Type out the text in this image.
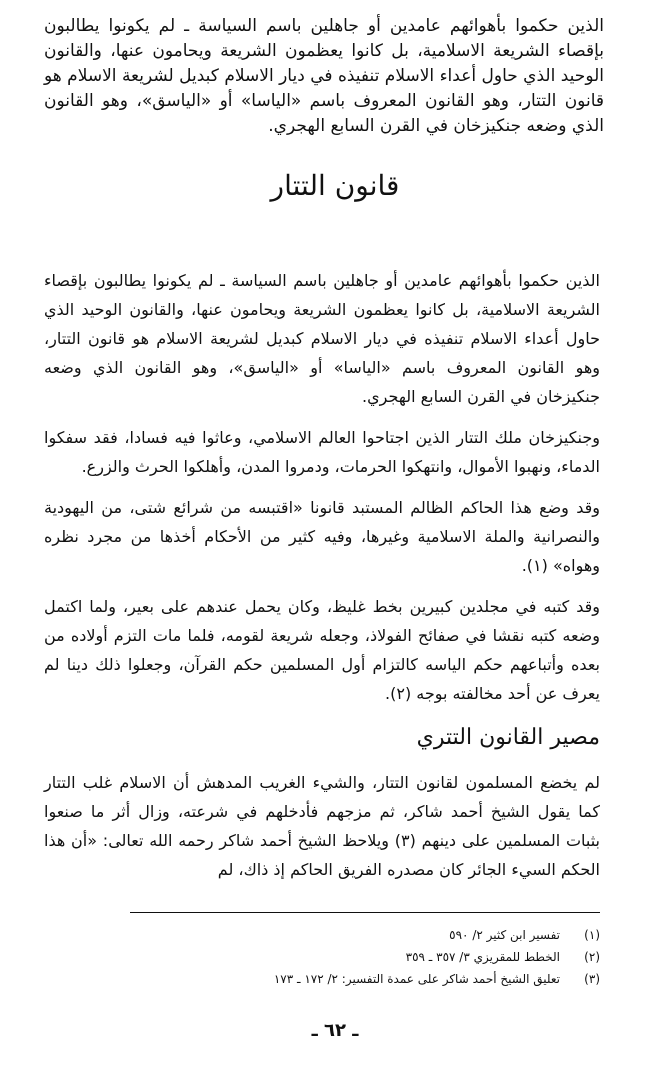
الذين حكموا بأهوائهم عامدين أو جاهلين باسم السياسة ـ لم يكونوا يطالبون بإقصاء الشريعة الاسلامية، بل كانوا يعظمون الشريعة ويحامون عنها، والقانون الوحيد الذي حاول أعداء الاسلام تنفيذه في ديار الاسلام كبديل لشريعة الاسلام هو قانون التتار، وهو القانون المعروف باسم «الياسا» أو «الياسق»، وهو القانون الذي وضعه جنكيزخان في القرن السابع الهجري.
قانون التتار

الذين حكموا بأهوائهم عامدين أو جاهلين باسم السياسة ـ لم يكونوا يطالبون بإقصاء الشريعة الاسلامية، بل كانوا يعظمون الشريعة ويحامون عنها، والقانون الوحيد الذي حاول أعداء الاسلام تنفيذه في ديار الاسلام كبديل لشريعة الاسلام هو قانون التتار، وهو القانون المعروف باسم «الياسا» أو «الياسق»، وهو القانون الذي وضعه جنكيزخان في القرن السابع الهجري.

وجنكيزخان ملك التتار الذين اجتاحوا العالم الاسلامي، وعاثوا فيه فسادا، فقد سفكوا الدماء، ونهبوا الأموال، وانتهكوا الحرمات، ودمروا المدن، وأهلكوا الحرث والزرع.

وقد وضع هذا الحاكم الظالم المستبد قانونا «اقتبسه من شرائع شتى، من اليهودية والنصرانية والملة الاسلامية وغيرها، وفيه كثير من الأحكام أخذها من مجرد نظره وهواه» (١).

وقد كتبه في مجلدين كبيرين بخط غليظ، وكان يحمل عندهم على بعير، ولما اكتمل وضعه كتبه نقشا في صفائح الفولاذ، وجعله شريعة لقومه، فلما مات التزم أولاده من بعده وأتباعهم حكم الياسه كالتزام أول المسلمين حكم القرآن، وجعلوا ذلك دينا لم يعرف عن أحد مخالفته بوجه (٢).

مصير القانون التتري

لم يخضع المسلمون لقانون التتار، والشيء الغريب المدهش أن الاسلام غلب التتار كما يقول الشيخ أحمد شاكر، ثم مزجهم فأدخلهم في شرعته، وزال أثر ما صنعوا بثبات المسلمين على دينهم (٣) ويلاحظ الشيخ أحمد شاكر رحمه الله تعالى: «أن هذا الحكم السيء الجائر كان مصدره الفريق الحاكم إذ ذاك، لم

(١)
تفسير ابن كثير ٢/ ٥٩٠
(٢)
الخطط للمقريزي ٣/ ٣٥٧ ـ ٣٥٩
(٣)
تعليق الشيخ أحمد شاكر على عمدة التفسير: ٢/ ١٧٢ ـ ١٧٣
ـ ٦٢ ـ
